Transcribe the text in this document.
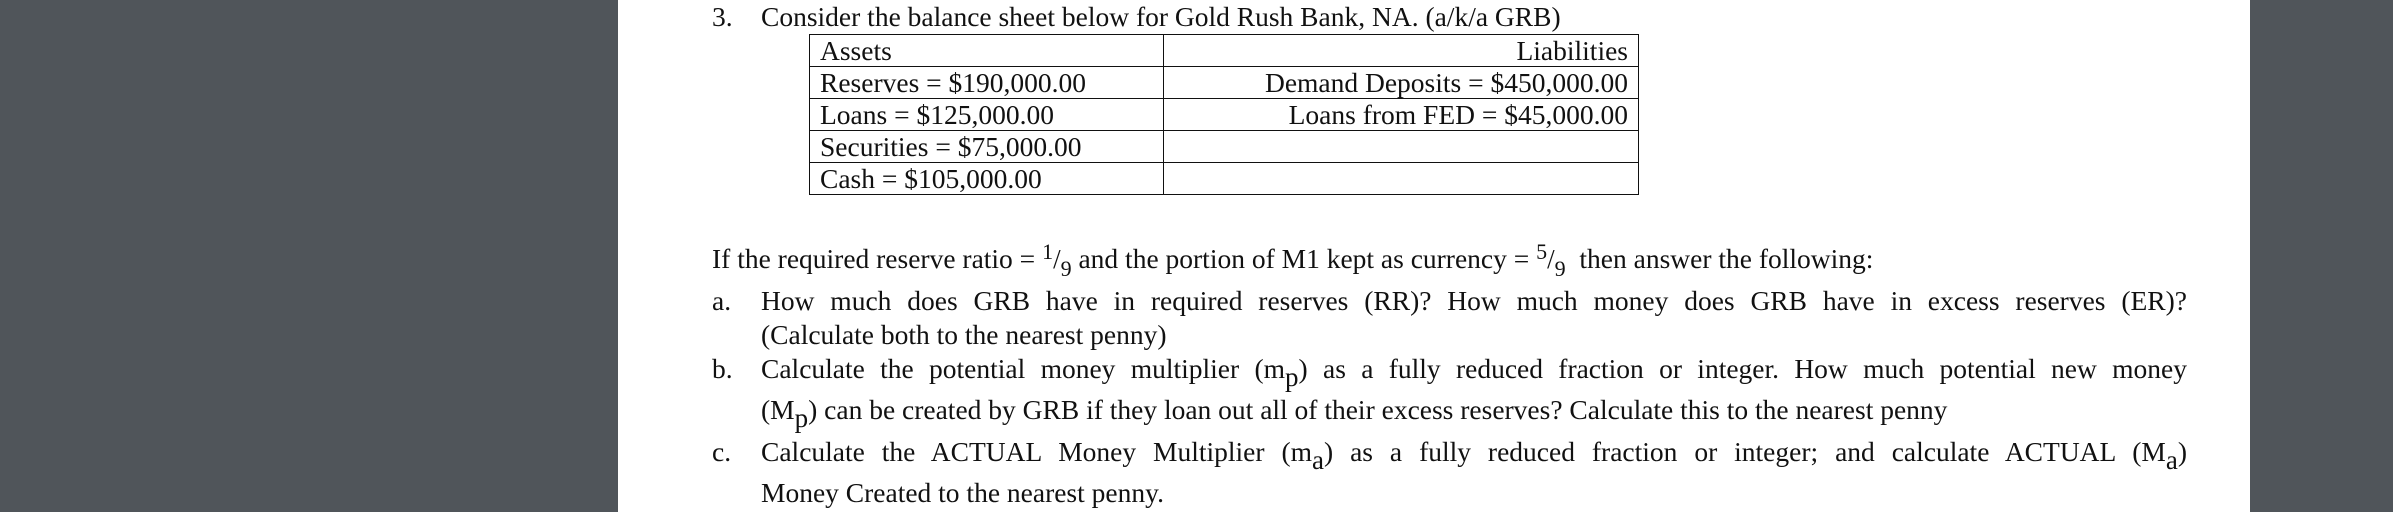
3. Consider the balance sheet below for Gold Rush Bank, NA. (a/k/a GRB)
Assets	Liabilities
Reserves = $190,000.00	Demand Deposits = $450,000.00
Loans = $125,000.00	Loans from FED = $45,000.00
Securities = $75,000.00	
Cash = $105,000.00	
If the required reserve ratio = $^1/_9$ and the portion of M1 kept as currency = $^5/_9$  then answer the following:
a. How much does GRB have in required reserves (RR)? How much money does GRB have in excess reserves (ER)?

(Calculate both to the nearest penny)

b. Calculate the potential money multiplier $(m_p)$ as a fully reduced fraction or integer. How much potential new money

$(M_p)$ can be created by GRB if they loan out all of their excess reserves? Calculate this to the nearest penny

c. Calculate the ACTUAL Money Multiplier $(m_a)$ as a fully reduced fraction or integer; and calculate ACTUAL $(M_a)$

Money Created to the nearest penny.
